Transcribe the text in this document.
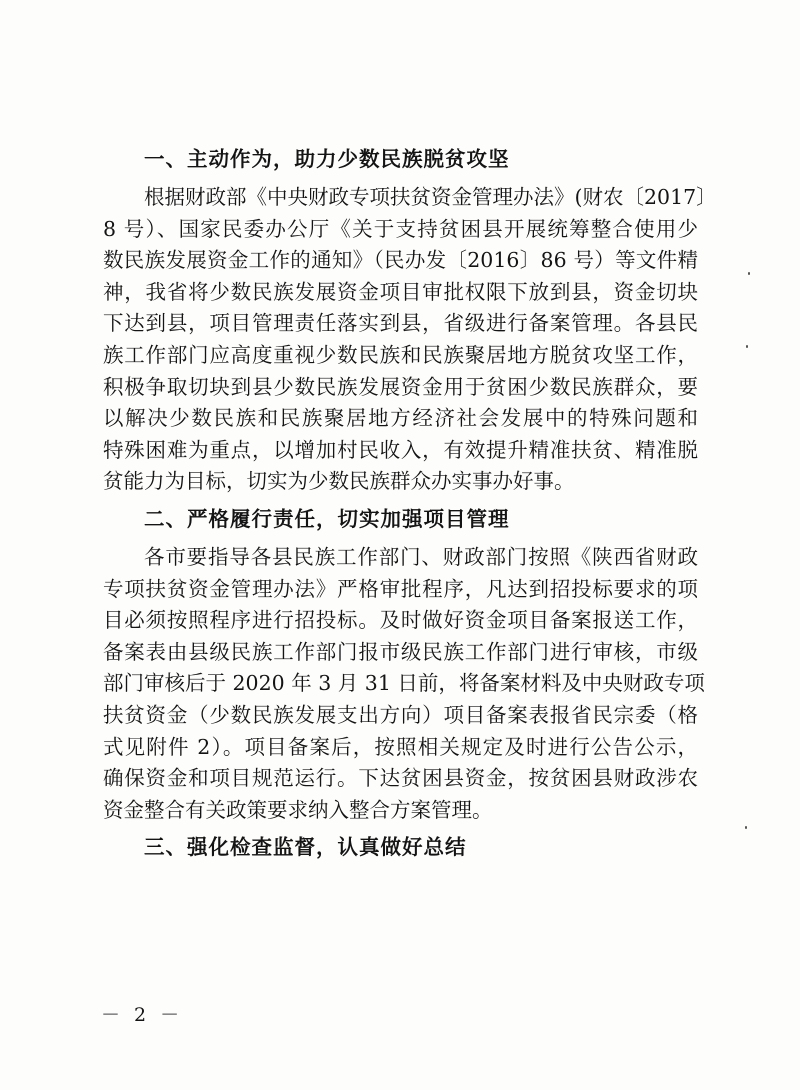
一、主动作为，助力少数民族脱贫攻坚
根据财政部《中央财政专项扶贫资金管理办法》(财农〔2017〕
8 号）、国家民委办公厅《关于支持贫困县开展统筹整合使用少
数民族发展资金工作的通知》（民办发〔2016〕86 号）等文件精
神，我省将少数民族发展资金项目审批权限下放到县，资金切块
下达到县，项目管理责任落实到县，省级进行备案管理。各县民
族工作部门应高度重视少数民族和民族聚居地方脱贫攻坚工作，
积极争取切块到县少数民族发展资金用于贫困少数民族群众，要
以解决少数民族和民族聚居地方经济社会发展中的特殊问题和
特殊困难为重点，以增加村民收入，有效提升精准扶贫、精准脱
贫能力为目标，切实为少数民族群众办实事办好事。
二、严格履行责任，切实加强项目管理
各市要指导各县民族工作部门、财政部门按照《陕西省财政
专项扶贫资金管理办法》严格审批程序，凡达到招投标要求的项
目必须按照程序进行招投标。及时做好资金项目备案报送工作，
备案表由县级民族工作部门报市级民族工作部门进行审核，市级
部门审核后于 2020 年 3 月 31 日前，将备案材料及中央财政专项
扶贫资金（少数民族发展支出方向）项目备案表报省民宗委（格
式见附件 2）。项目备案后，按照相关规定及时进行公告公示，
确保资金和项目规范运行。下达贫困县资金，按贫困县财政涉农
资金整合有关政策要求纳入整合方案管理。
三、强化检查监督，认真做好总结
－ 2 －
